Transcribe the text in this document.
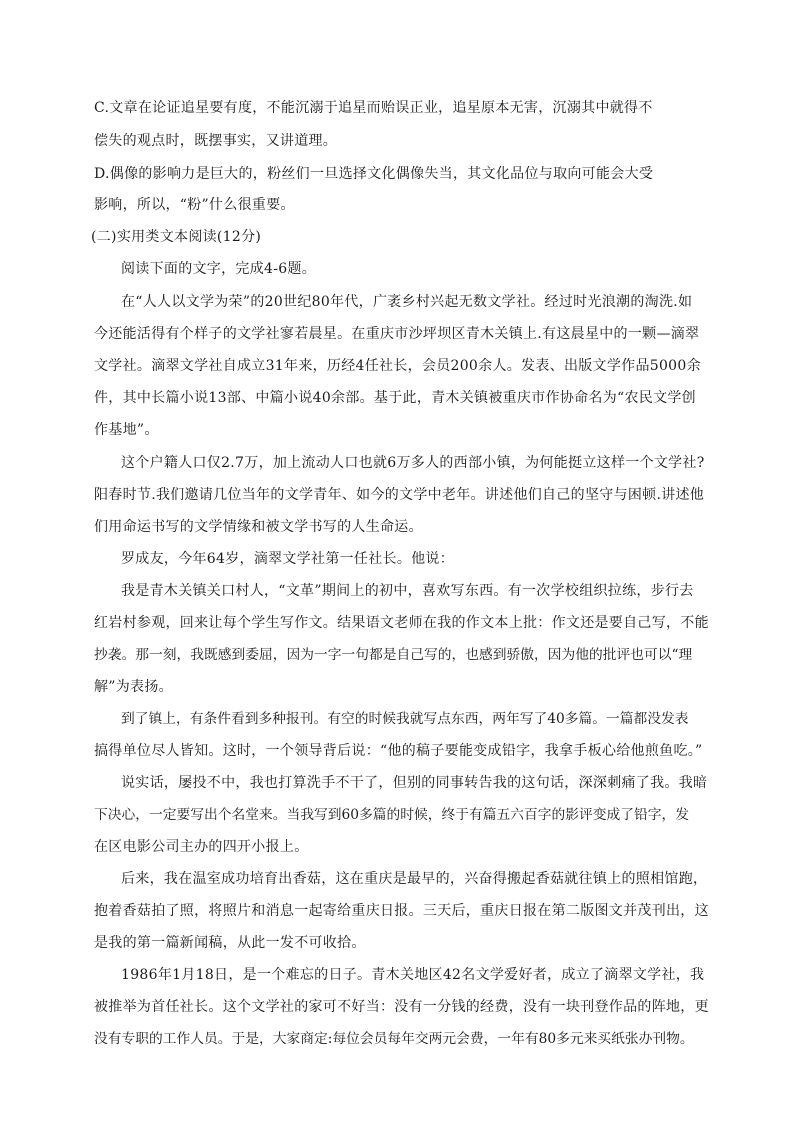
C.文章在论证追星要有度，不能沉溺于追星而贻误正业，追星原本无害，沉溺其中就得不

偿失的观点时，既摆事实，又讲道理。

D.偶像的影响力是巨大的，粉丝们一旦选择文化偶像失当，其文化品位与取向可能会大受

影响，所以，“粉”什么很重要。

(二)实用类文本阅读(12分)

阅读下面的文字，完成4-6题。

在“人人以文学为荣”的20世纪80年代，广袤乡村兴起无数文学社。经过时光浪潮的淘洗.如

今还能活得有个样子的文学社寥若晨星。在重庆市沙坪坝区青木关镇上.有这晨星中的一颗—滴翠

文学社。滴翠文学社自成立31年来，历经4任社长，会员200余人。发表、出版文学作品5000余

件，其中长篇小说13部、中篇小说40余部。基于此，青木关镇被重庆市作协命名为“农民文学创

作基地”。

这个户籍人口仅2.7万，加上流动人口也就6万多人的西部小镇，为何能挺立这样一个文学社?

阳春时节.我们邀请几位当年的文学青年、如今的文学中老年。讲述他们自己的坚守与困顿.讲述他

们用命运书写的文学情缘和被文学书写的人生命运。

罗成友，今年64岁，滴翠文学社第一任社长。他说：

我是青木关镇关口村人，“文革”期间上的初中，喜欢写东西。有一次学校组织拉练，步行去

红岩村参观，回来让每个学生写作文。结果语文老师在我的作文本上批：作文还是要自己写，不能

抄袭。那一刻，我既感到委屈，因为一字一句都是自己写的，也感到骄傲，因为他的批评也可以“理

解”为表扬。

到了镇上，有条件看到多种报刊。有空的时候我就写点东西，两年写了40多篇。一篇都没发表

搞得单位尽人皆知。这时，一个领导背后说：“他的稿子要能变成铅字，我拿手板心给他煎鱼吃。”

说实话，屡投不中，我也打算洗手不干了，但别的同事转告我的这句话，深深刺痛了我。我暗

下决心，一定要写出个名堂来。当我写到60多篇的时候，终于有篇五六百字的影评变成了铅字，发

在区电影公司主办的四开小报上。

后来，我在温室成功培育出香菇，这在重庆是最早的，兴奋得搬起香菇就往镇上的照相馆跑，

抱着香菇拍了照，将照片和消息一起寄给重庆日报。三天后，重庆日报在第二版图文并茂刊出，这

是我的第一篇新闻稿，从此一发不可收拾。

1986年1月18日，是一个难忘的日子。青木关地区42名文学爱好者，成立了滴翠文学社，我

被推举为首任社长。这个文学社的家可不好当：没有一分钱的经费，没有一块刊登作品的阵地，更

没有专职的工作人员。于是，大家商定:每位会员每年交两元会费，一年有80多元来买纸张办刊物。
